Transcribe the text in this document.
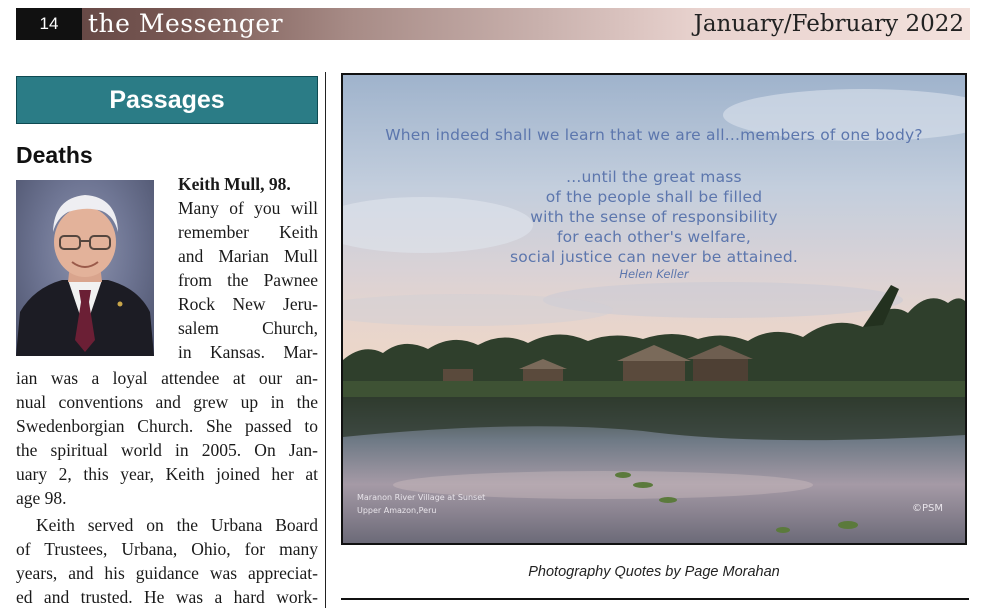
14	the Messenger	January/February 2022
Passages
Deaths
Keith Mull, 98.
Many of you will
remember Keith
and Marian Mull
from the Pawnee
Rock New Jeru-
salem Church,
in Kansas. Mar-
ian was a loyal attendee at our an-
nual conventions and grew up in the
Swedenborgian Church. She passed to
the spiritual world in 2005. On Jan-
uary 2, this year, Keith joined her at
age 98.
Keith served on the Urbana Board
of Trustees, Urbana, Ohio, for many
years, and his guidance was appreciat-
ed and trusted. He was a hard work-
When indeed shall we learn that we are all...members of one body?
...until the great mass
of the people shall be filled
with the sense of responsibility
for each other's welfare,
social justice can never be attained.
Helen Keller
Maranon River Village at Sunset
Upper Amazon,Peru	©PSM
Photography Quotes by Page Morahan
